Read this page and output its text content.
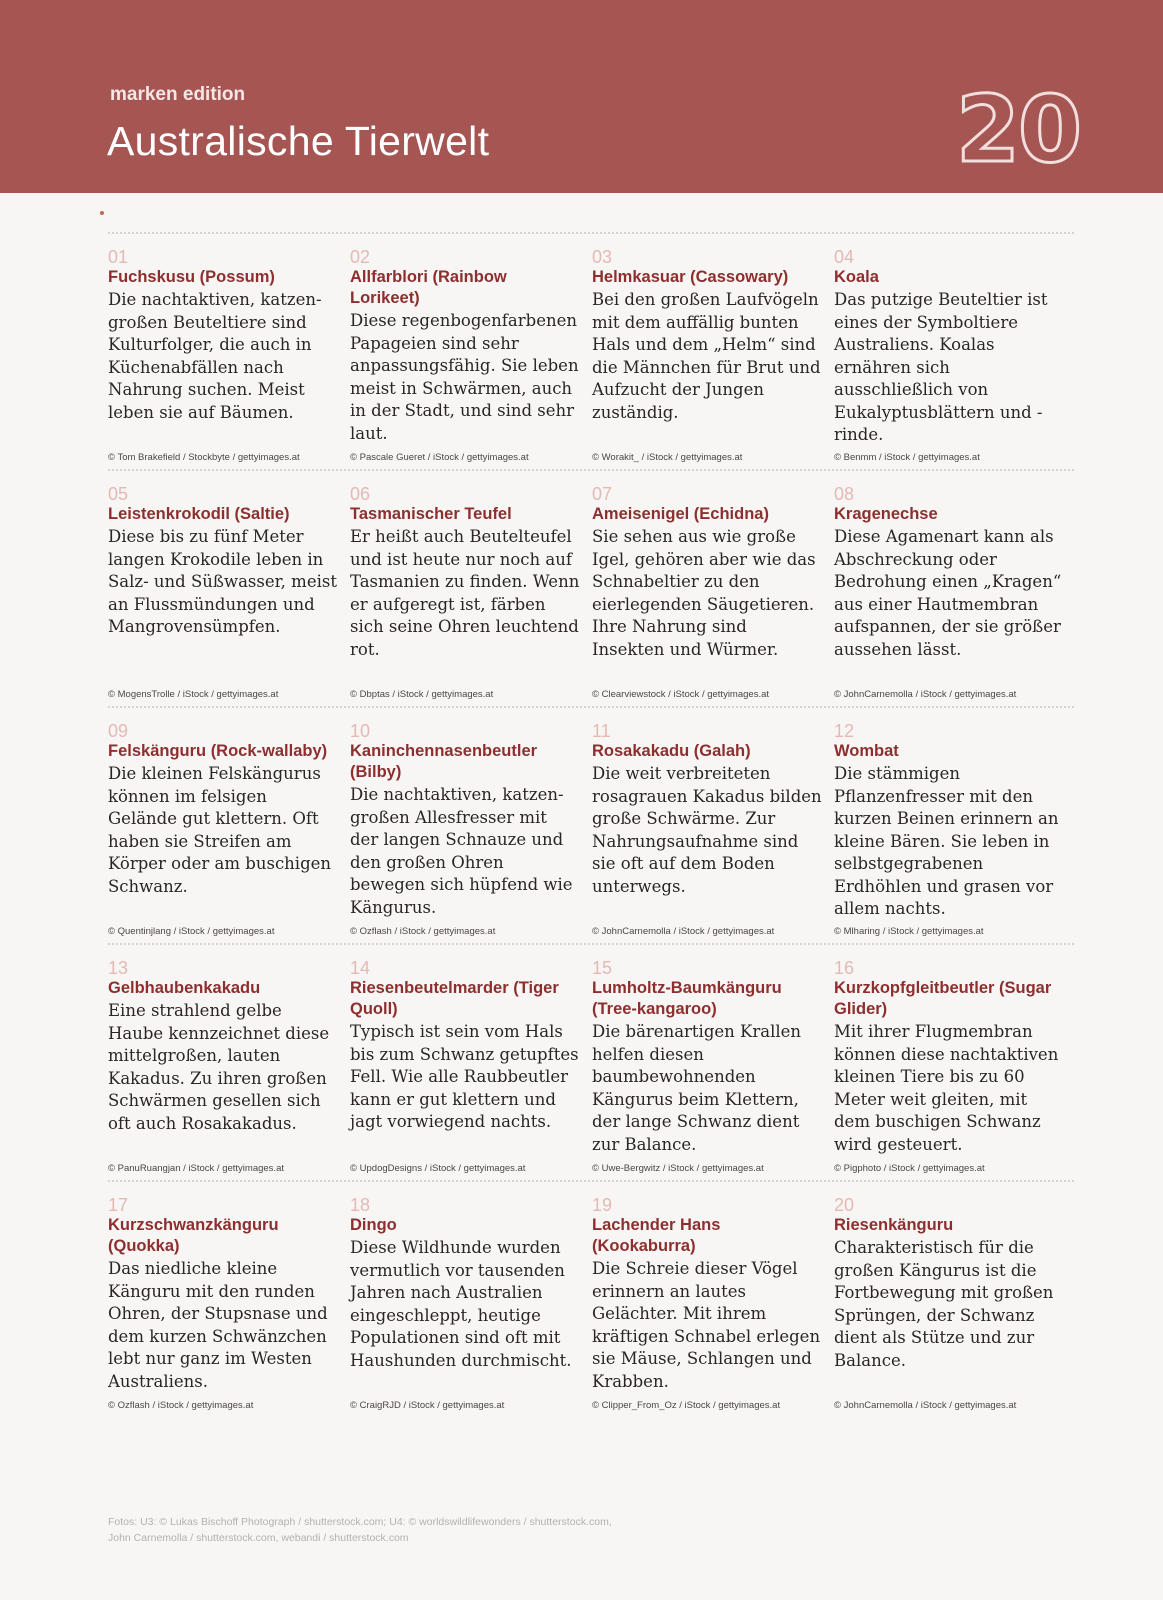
marken edition
Australische Tierwelt	20
01
Fuchskusu (Possum)
Die nachtaktiven, katzen-großen Beuteltiere sind Kulturfolger, die auch in Küchenabfällen nach Nahrung suchen. Meist leben sie auf Bäumen.
© Tom Brakefield / Stockbyte / gettyimages.at
02
Allfarblori (Rainbow Lorikeet)
Diese regenbogenfarbenen Papageien sind sehr anpassungsfähig. Sie leben meist in Schwärmen, auch in der Stadt, und sind sehr laut.
© Pascale Gueret / iStock / gettyimages.at
03
Helmkasuar (Cassowary)
Bei den großen Laufvögeln mit dem auffällig bunten Hals und dem „Helm“ sind die Männchen für Brut und Aufzucht der Jungen zuständig.
© Worakit_ / iStock / gettyimages.at
04
Koala
Das putzige Beuteltier ist eines der Symboltiere Australiens. Koalas ernähren sich ausschließlich von Eukalyptusblättern und -rinde.
© Benmm / iStock / gettyimages.at
05
Leistenkrokodil (Saltie)
Diese bis zu fünf Meter langen Krokodile leben in Salz- und Süßwasser, meist an Flussmündungen und Mangrovensümpfen.
© MogensTrolle / iStock / gettyimages.at
06
Tasmanischer Teufel
Er heißt auch Beutelteufel und ist heute nur noch auf Tasmanien zu finden. Wenn er aufgeregt ist, färben sich seine Ohren leuchtend rot.
© Dbptas / iStock / gettyimages.at
07
Ameisenigel (Echidna)
Sie sehen aus wie große Igel, gehören aber wie das Schnabeltier zu den eierlegenden Säugetieren. Ihre Nahrung sind Insekten und Würmer.
© Clearviewstock / iStock / gettyimages.at
08
Kragenechse
Diese Agamenart kann als Abschreckung oder Bedrohung einen „Kragen“ aus einer Hautmembran aufspannen, der sie größer aussehen lässt.
© JohnCarnemolla / iStock / gettyimages.at
09
Felskänguru (Rock-wallaby)
Die kleinen Felskängurus können im felsigen Gelände gut klettern. Oft haben sie Streifen am Körper oder am buschigen Schwanz.
© Quentinjlang / iStock / gettyimages.at
10
Kaninchennasenbeutler (Bilby)
Die nachtaktiven, katzen-großen Allesfresser mit der langen Schnauze und den großen Ohren bewegen sich hüpfend wie Kängurus.
© Ozflash / iStock / gettyimages.at
11
Rosakakadu (Galah)
Die weit verbreiteten rosagrauen Kakadus bilden große Schwärme. Zur Nahrungsaufnahme sind sie oft auf dem Boden unterwegs.
© JohnCarnemolla / iStock / gettyimages.at
12
Wombat
Die stämmigen Pflanzenfresser mit den kurzen Beinen erinnern an kleine Bären. Sie leben in selbstgegrabenen Erdhöhlen und grasen vor allem nachts.
© Mlharing / iStock / gettyimages.at
13
Gelbhaubenkakadu
Eine strahlend gelbe Haube kennzeichnet diese mittelgroßen, lauten Kakadus. Zu ihren großen Schwärmen gesellen sich oft auch Rosakakadus.
© PanuRuangjan / iStock / gettyimages.at
14
Riesenbeutelmarder (Tiger Quoll)
Typisch ist sein vom Hals bis zum Schwanz getupftes Fell. Wie alle Raubbeutler kann er gut klettern und jagt vorwiegend nachts.
© UpdogDesigns / iStock / gettyimages.at
15
Lumholtz-Baumkänguru (Tree-kangaroo)
Die bärenartigen Krallen helfen diesen baumbewohnenden Kängurus beim Klettern, der lange Schwanz dient zur Balance.
© Uwe-Bergwitz / iStock / gettyimages.at
16
Kurzkopfgleitbeutler (Sugar Glider)
Mit ihrer Flugmembran können diese nachtaktiven kleinen Tiere bis zu 60 Meter weit gleiten, mit dem buschigen Schwanz wird gesteuert.
© Pigphoto / iStock / gettyimages.at
17
Kurzschwanzkänguru (Quokka)
Das niedliche kleine Känguru mit den runden Ohren, der Stupsnase und dem kurzen Schwänzchen lebt nur ganz im Westen Australiens.
© Ozflash / iStock / gettyimages.at
18
Dingo
Diese Wildhunde wurden vermutlich vor tausenden Jahren nach Australien eingeschleppt, heutige Populationen sind oft mit Haushunden durchmischt.
© CraigRJD / iStock / gettyimages.at
19
Lachender Hans (Kookaburra)
Die Schreie dieser Vögel erinnern an lautes Gelächter. Mit ihrem kräftigen Schnabel erlegen sie Mäuse, Schlangen und Krabben.
© Clipper_From_Oz / iStock / gettyimages.at
20
Riesenkänguru
Charakteristisch für die großen Kängurus ist die Fortbewegung mit großen Sprüngen, der Schwanz dient als Stütze und zur Balance.
© JohnCarnemolla / iStock / gettyimages.at
Fotos: U3: © Lukas Bischoff Photograph / shutterstock.com; U4: © worldswildlifewonders / shutterstock.com,
John Carnemolla / shutterstock.com, webandi / shutterstock.com
